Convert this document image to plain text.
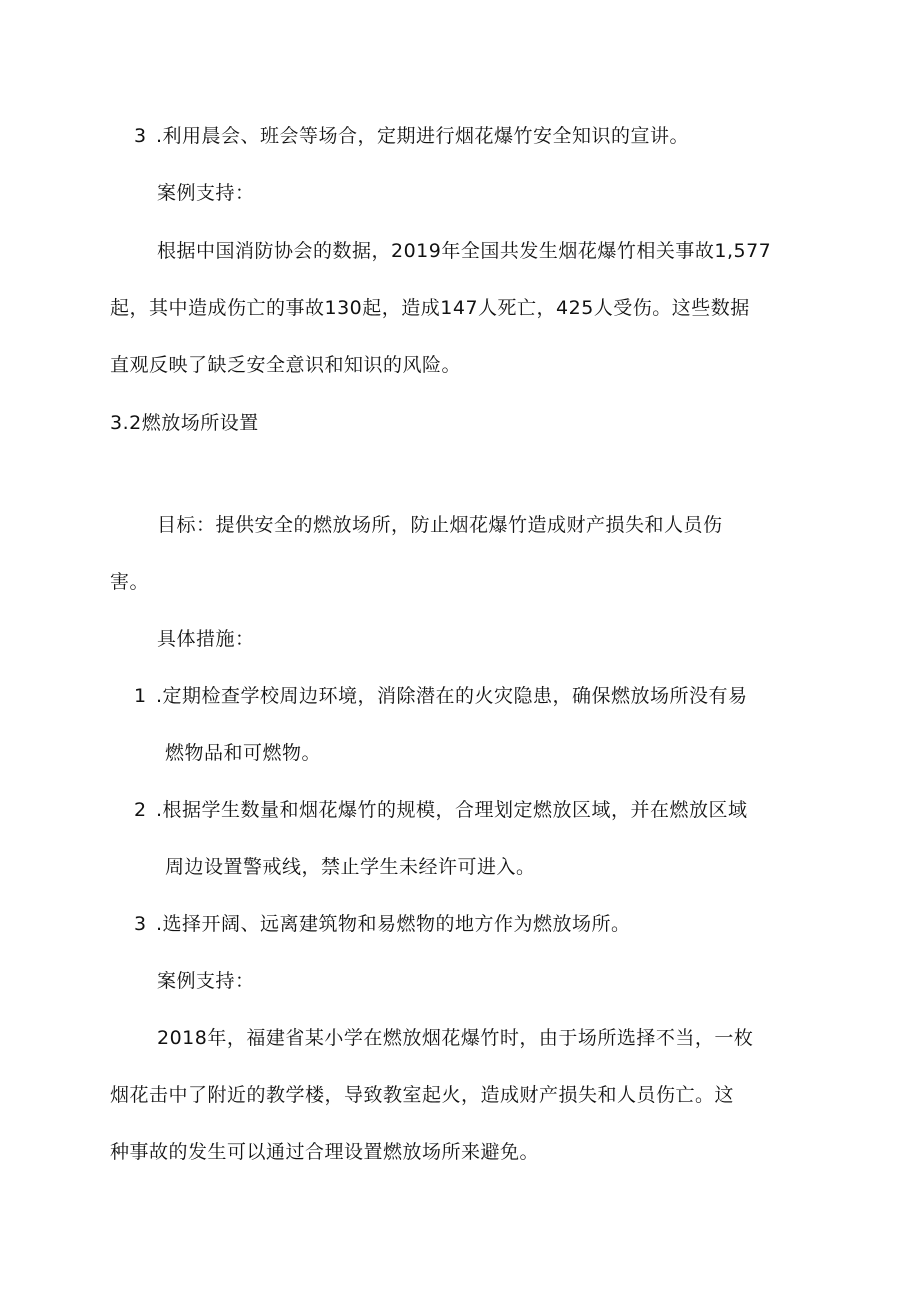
3 .利用晨会、班会等场合，定期进行烟花爆竹安全知识的宣讲。
案例支持：
根据中国消防协会的数据，2019年全国共发生烟花爆竹相关事故1,577
起，其中造成伤亡的事故130起，造成147人死亡，425人受伤。这些数据
直观反映了缺乏安全意识和知识的风险。
3.2燃放场所设置
目标：提供安全的燃放场所，防止烟花爆竹造成财产损失和人员伤
害。
具体措施：
1 .定期检查学校周边环境，消除潜在的火灾隐患，确保燃放场所没有易
燃物品和可燃物。
2 .根据学生数量和烟花爆竹的规模，合理划定燃放区域，并在燃放区域
周边设置警戒线，禁止学生未经许可进入。
3 .选择开阔、远离建筑物和易燃物的地方作为燃放场所。
案例支持：
2018年，福建省某小学在燃放烟花爆竹时，由于场所选择不当，一枚
烟花击中了附近的教学楼，导致教室起火，造成财产损失和人员伤亡。这
种事故的发生可以通过合理设置燃放场所来避免。
